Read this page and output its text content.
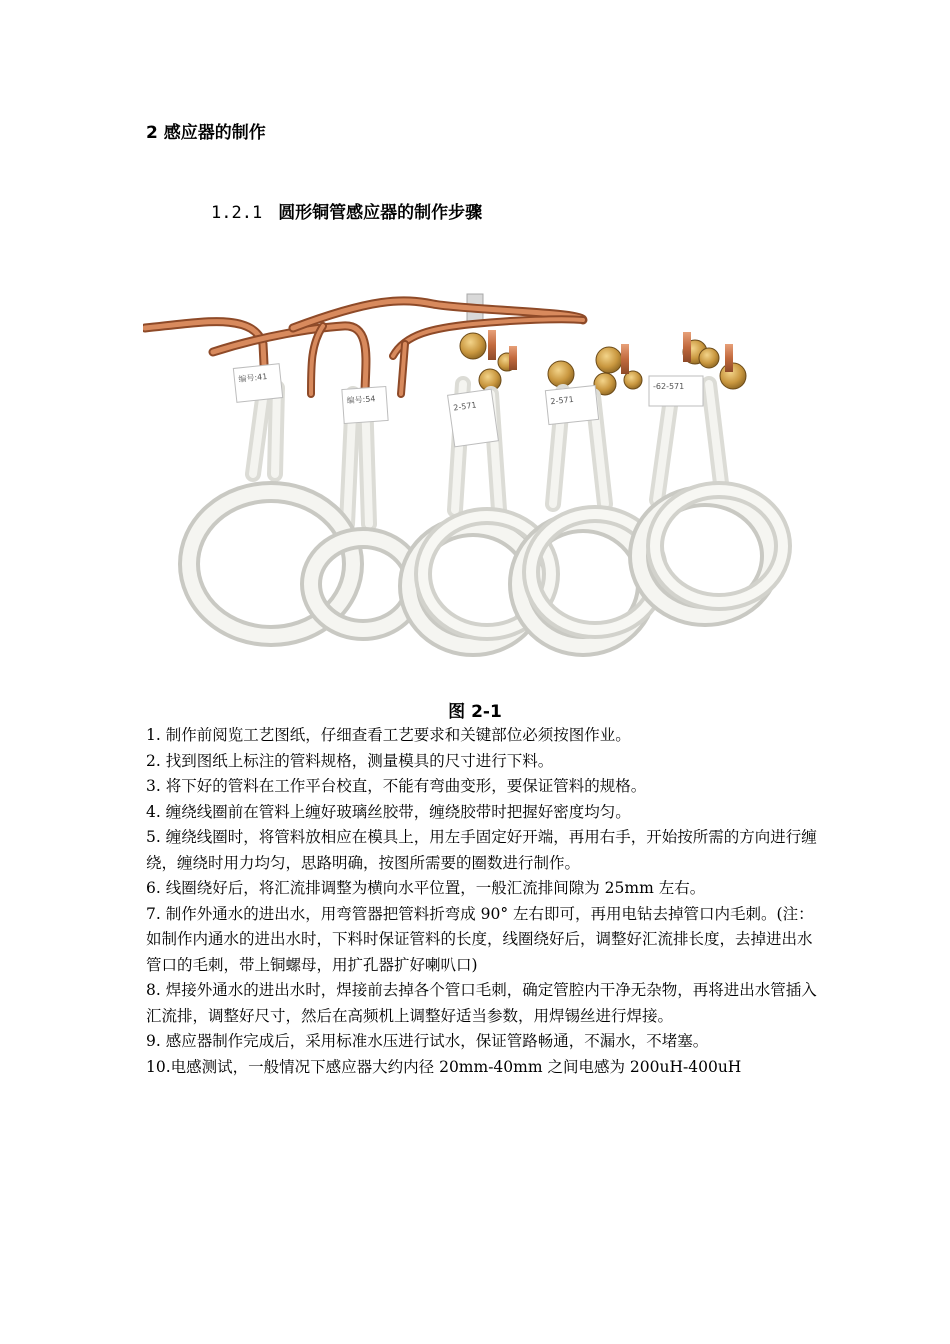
2 感应器的制作
1.2.1 圆形铜管感应器的制作步骤
编号:41
编号:54
2-571	2-571
-62-571
图 2-1

1. 制作前阅览工艺图纸，仔细查看工艺要求和关键部位必须按图作业。

2. 找到图纸上标注的管料规格，测量模具的尺寸进行下料。

3. 将下好的管料在工作平台校直，不能有弯曲变形，要保证管料的规格。

4. 缠绕线圈前在管料上缠好玻璃丝胶带，缠绕胶带时把握好密度均匀。

5. 缠绕线圈时，将管料放相应在模具上，用左手固定好开端，再用右手，开始按所需的方向进行缠绕，缠绕时用力均匀，思路明确，按图所需要的圈数进行制作。

6. 线圈绕好后，将汇流排调整为横向水平位置，一般汇流排间隙为 25mm 左右。

7. 制作外通水的进出水，用弯管器把管料折弯成 90° 左右即可，再用电钻去掉管口内毛刺。(注：如制作内通水的进出水时，下料时保证管料的长度，线圈绕好后，调整好汇流排长度，去掉进出水管口的毛刺，带上铜螺母，用扩孔器扩好喇叭口)

8. 焊接外通水的进出水时，焊接前去掉各个管口毛刺，确定管腔内干净无杂物，再将进出水管插入汇流排，调整好尺寸，然后在高频机上调整好适当参数，用焊锡丝进行焊接。

9. 感应器制作完成后，采用标准水压进行试水，保证管路畅通，不漏水，不堵塞。

10.电感测试，一般情况下感应器大约内径 20mm-40mm 之间电感为 200uH-400uH
